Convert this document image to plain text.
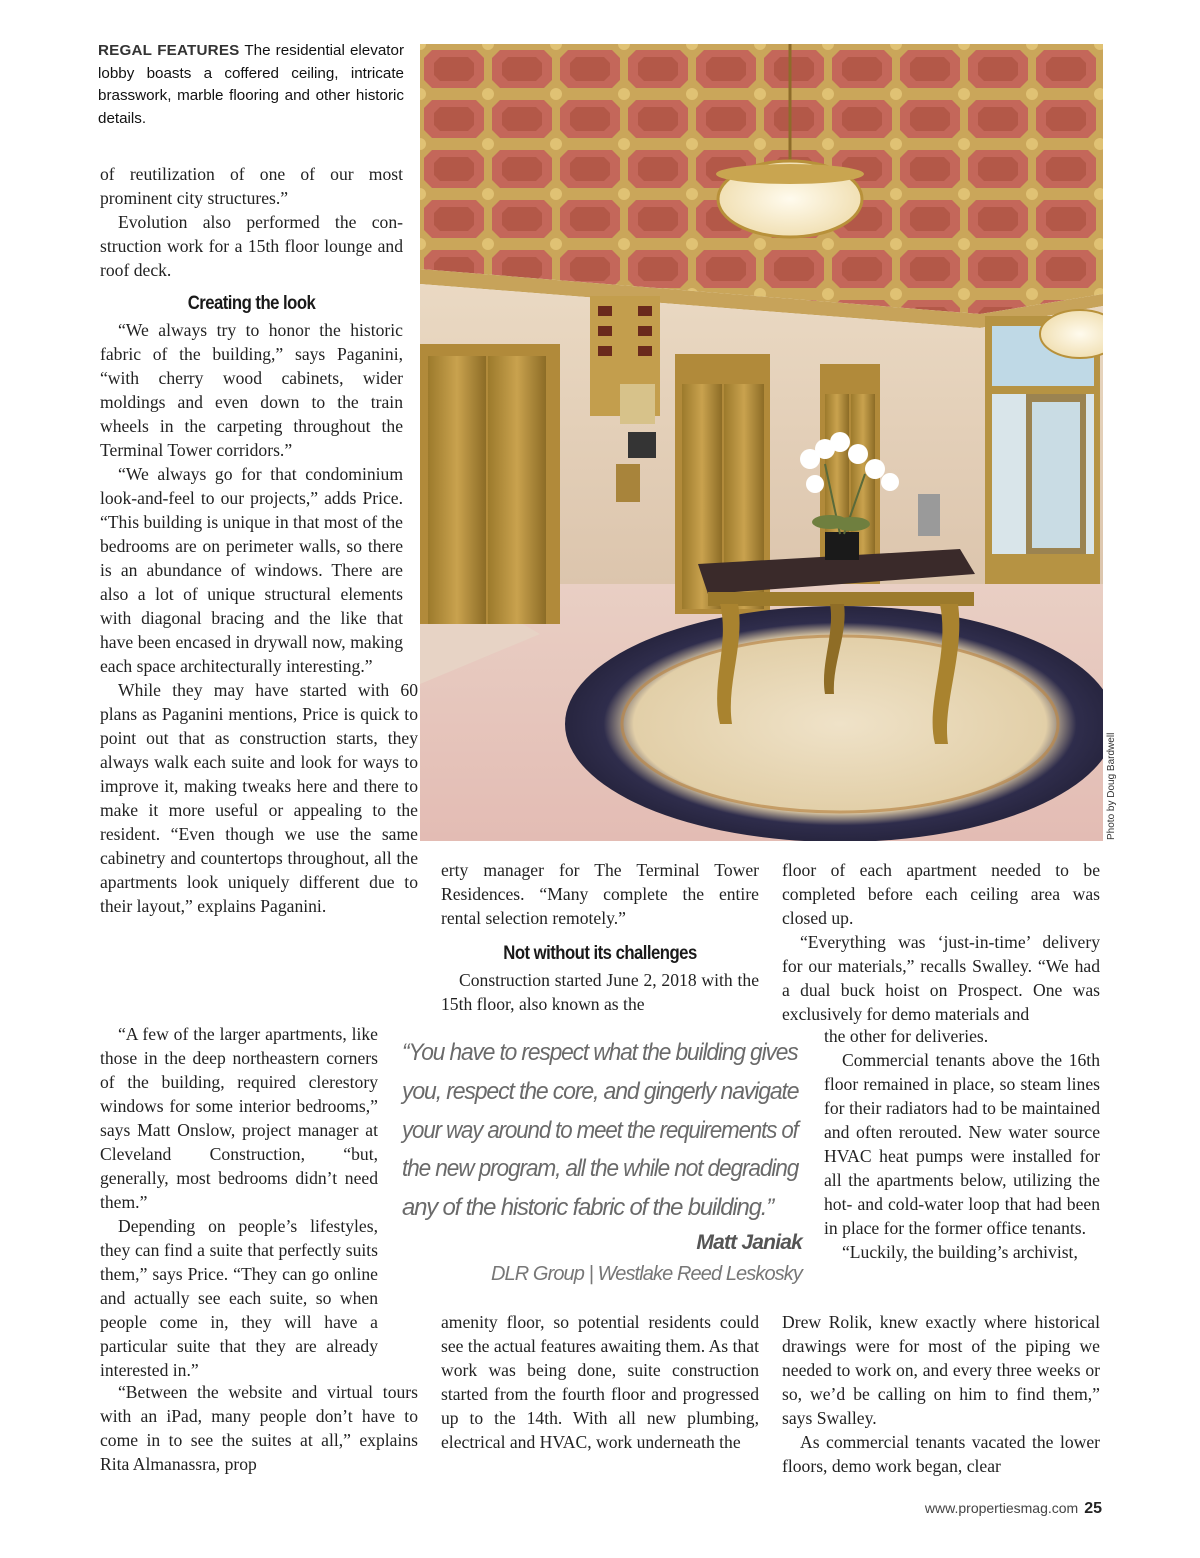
REGAL FEATURES The residential elevator lobby boasts a coffered ceiling, intricate brasswork, marble flooring and other historic details.

of reutilization of one of our most prominent city structures.”

Evolution also performed the construction work for a 15th floor lounge and roof deck.

Creating the look

“We always try to honor the historic fabric of the building,” says Paganini, “with cherry wood cabinets, wider moldings and even down to the train wheels in the carpeting throughout the Terminal Tower corridors.”

“We always go for that condominium look-and-feel to our projects,” adds Price. “This building is unique in that most of the bedrooms are on perimeter walls, so there is an abundance of windows. There are also a lot of unique structural elements with diagonal bracing and the like that have been encased in drywall now, making each space architecturally interesting.”

While they may have started with 60 plans as Paganini mentions, Price is quick to point out that as construction starts, they always walk each suite and look for ways to improve it, making tweaks here and there to make it more useful or appealing to the resident. “Even though we use the same cabinetry and countertops throughout, all the apartments look uniquely different due to their layout,” explains Paganini.

“A few of the larger apartments, like those in the deep northeastern corners of the building, required clerestory windows for some interior bedrooms,” says Matt Onslow, project manager at Cleveland Construction, “but, generally, most bedrooms didn’t need them.”

Depending on people’s lifestyles, they can find a suite that perfectly suits them,” says Price. “They can go online and actually see each suite, so when people come in, they will have a particular suite that they are already interested in.”

“Between the website and virtual tours with an iPad, many people don’t have to come in to see the suites at all,” explains Rita Almanassra, prop

erty manager for The Terminal Tower Residences. “Many complete the entire rental selection remotely.”

Not without its challenges

Construction started June 2, 2018 with the 15th floor, also known as the

amenity floor, so potential residents could see the actual features awaiting them. As that work was being done, suite construction started from the fourth floor and progressed up to the 14th. With all new plumbing, electrical and HVAC, work underneath the

floor of each apartment needed to be completed before each ceiling area was closed up.

“Everything was ‘just-in-time’ delivery for our materials,” recalls Swalley. “We had a dual buck hoist on Prospect. One was exclusively for demo materials and

the other for deliveries.

Commercial tenants above the 16th floor remained in place, so steam lines for their radiators had to be maintained and often rerouted. New water source HVAC heat pumps were installed for all the apartments below, utilizing the hot- and cold-water loop that had been in place for the former office tenants.

“Luckily, the building’s archivist,

Drew Rolik, knew exactly where historical drawings were for most of the piping we needed to work on, and every three weeks or so, we’d be calling on him to find them,” says Swalley.

As commercial tenants vacated the lower floors, demo work began, clear

“You have to respect what the building gives
you, respect the core, and gingerly navigate
your way around to meet the requirements of
the new program, all the while not degrading
any of the historic fabric of the building.”
Matt Janiak
DLR Group | Westlake Reed Leskosky
Photo by Doug Bardwell
www.propertiesmag.com 25
